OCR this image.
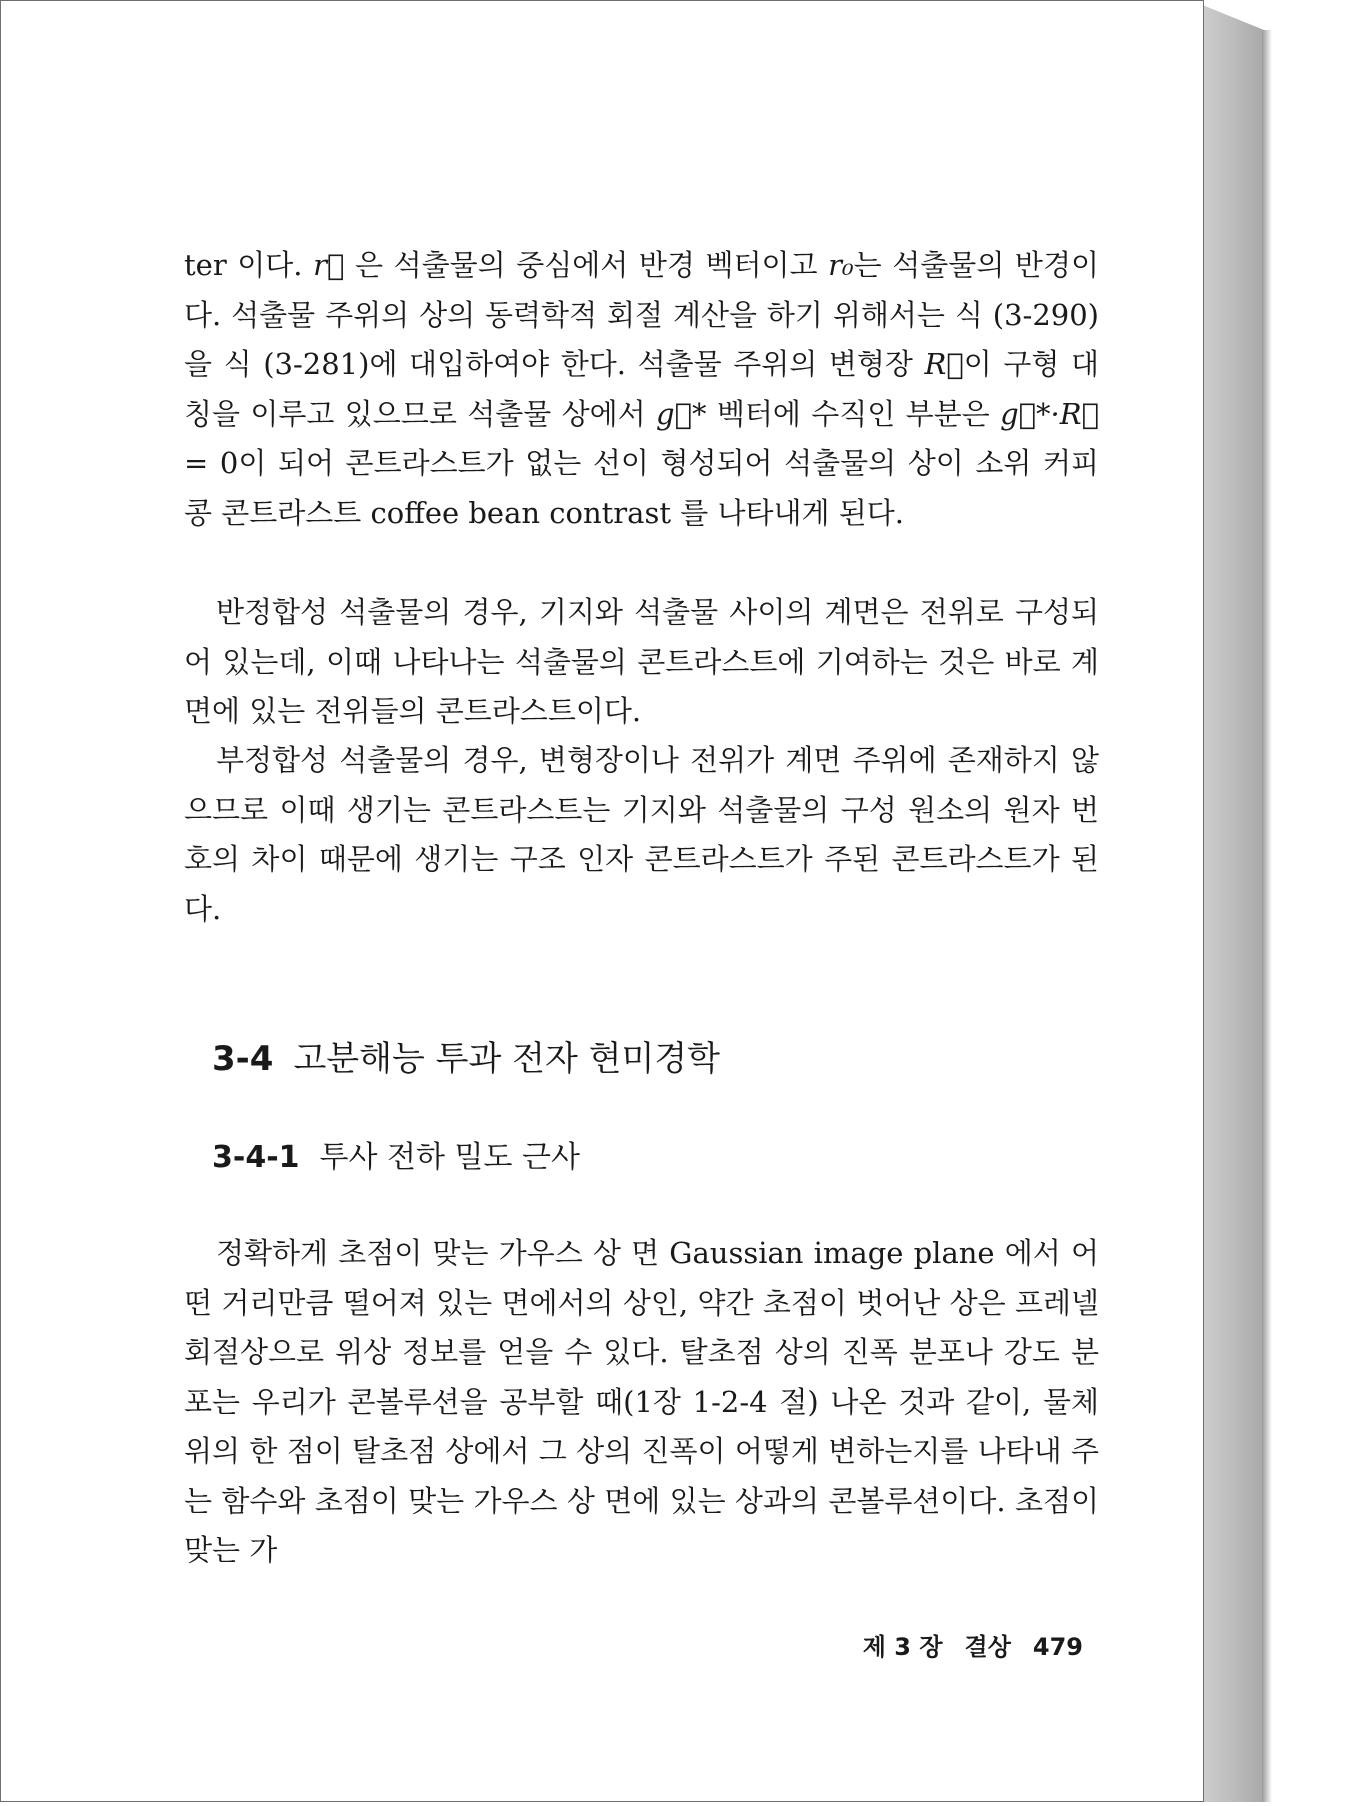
ter 이다. r⃗ 은 석출물의 중심에서 반경 벡터이고 r₀는 석출물의 반경이다. 석출물 주위의 상의 동력학적 회절 계산을 하기 위해서는 식 (3-290)을 식 (3-281)에 대입하여야 한다. 석출물 주위의 변형장 R⃗이 구형 대칭을 이루고 있으므로 석출물 상에서 g⃗* 벡터에 수직인 부분은 g⃗*·R⃗ = 0이 되어 콘트라스트가 없는 선이 형성되어 석출물의 상이 소위 커피 콩 콘트라스트 coffee bean contrast 를 나타내게 된다.

반정합성 석출물의 경우, 기지와 석출물 사이의 계면은 전위로 구성되어 있는데, 이때 나타나는 석출물의 콘트라스트에 기여하는 것은 바로 계면에 있는 전위들의 콘트라스트이다.

부정합성 석출물의 경우, 변형장이나 전위가 계면 주위에 존재하지 않으므로 이때 생기는 콘트라스트는 기지와 석출물의 구성 원소의 원자 번호의 차이 때문에 생기는 구조 인자 콘트라스트가 주된 콘트라스트가 된다.

3-4 고분해능 투과 전자 현미경학
3-4-1 투사 전하 밀도 근사

정확하게 초점이 맞는 가우스 상 면 Gaussian image plane 에서 어떤 거리만큼 떨어져 있는 면에서의 상인, 약간 초점이 벗어난 상은 프레넬 회절상으로 위상 정보를 얻을 수 있다. 탈초점 상의 진폭 분포나 강도 분포는 우리가 콘볼루션을 공부할 때(1장 1-2-4 절) 나온 것과 같이, 물체 위의 한 점이 탈초점 상에서 그 상의 진폭이 어떻게 변하는지를 나타내 주는 함수와 초점이 맞는 가우스 상 면에 있는 상과의 콘볼루션이다. 초점이 맞는 가

제 3 장 결상 479
